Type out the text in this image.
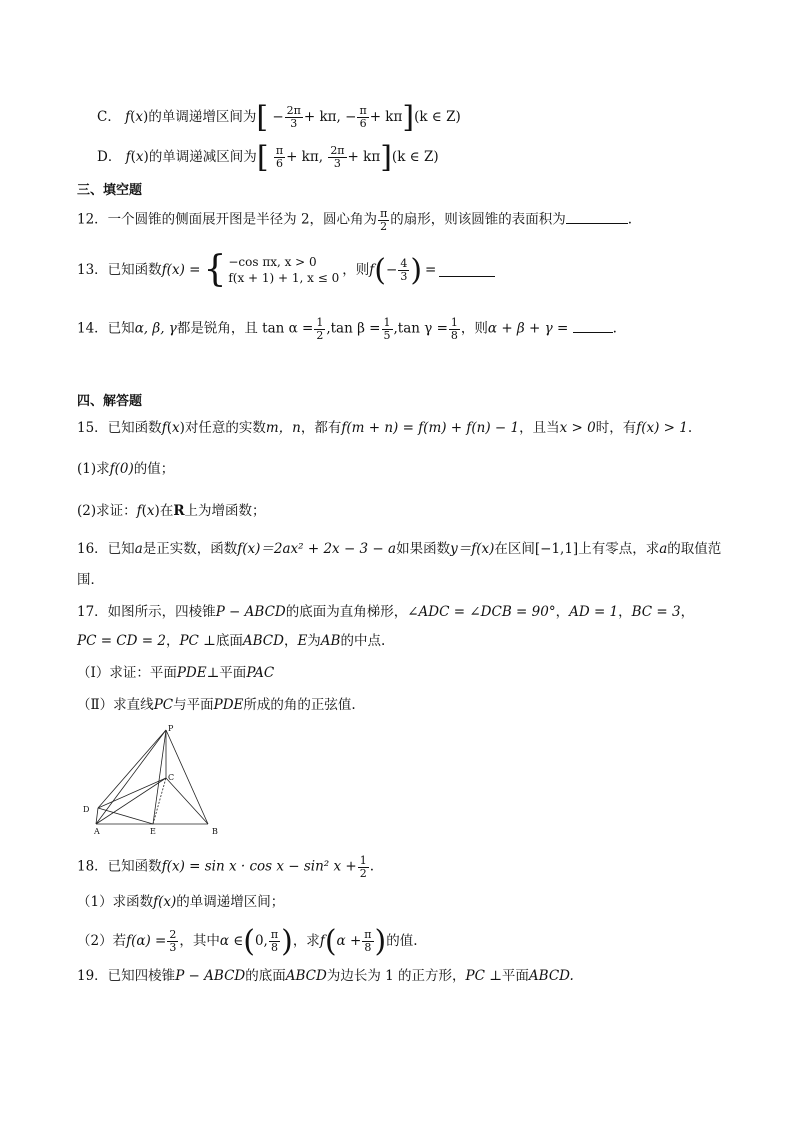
C． f(x)的单调递增区间为[ − $\frac{2\pi}{3} + k\pi$, − $\frac{\pi}{6} + k\pi](k$ ∈ Z)
D． f(x)的单调递减区间为[ $\frac{\pi}{6} + k\pi$, $\frac{2\pi}{3} + k\pi](k$ ∈ Z)
三、填空题
12．一个圆锥的侧面展开图是半径为 2，圆心角为 $\frac{\pi}{2}$ 的扇形，则该圆锥的表面积为	.
13．已知函数 f(x) = { −cos πx, x > 0
f(x + 1) + 1, x ≤ 0
，则 f ( − $\frac{4}{3}$ ) =
14．已知α, β, γ都是锐角，且 $\tan \alpha = \frac{1}{2} ,\tan$ $\beta = \frac{1}{5} ,\tan$ $\gamma = \frac{1}{8}$ ，则α + β + γ =	.
四、解答题
15．已知函数f(x)对任意的实数m，n，都有f(m + n) = f(m) + f(n) − 1，且当x > 0时，有f(x) > 1.
(1)求f(0)的值；
(2)求证：f(x)在R上为增函数；
16．已知a是正实数，函数f(x)＝2ax² + 2x − 3 − a如果函数y＝f(x)在区间[−1,1]上有零点，求a的取值范
围．
17．如图所示，四棱锥P − ABCD的底面为直角梯形，∠ADC = ∠DCB = 90°，AD = 1，BC = 3，
PC = CD = 2，PC ⊥底面ABCD，E为AB的中点.
（Ⅰ）求证：平面PDE⊥平面PAC
（Ⅱ）求直线PC与平面PDE所成的角的正弦值.
P
C
D
A	E	B
18．已知函数f(x) = sin x · cos x − sin² $x + \frac{1}{2}$ .
（1）求函数f(x)的单调递增区间；
（2）若$f(\alpha) = \frac{2}{3}$ ，其中α ∈(0, $\frac{\pi}{8}$ )，求$f(\alpha + \frac{\pi}{8}$ )的值.
19．已知四棱锥P − ABCD的底面ABCD为边长为 1 的正方形，PC ⊥平面ABCD.
